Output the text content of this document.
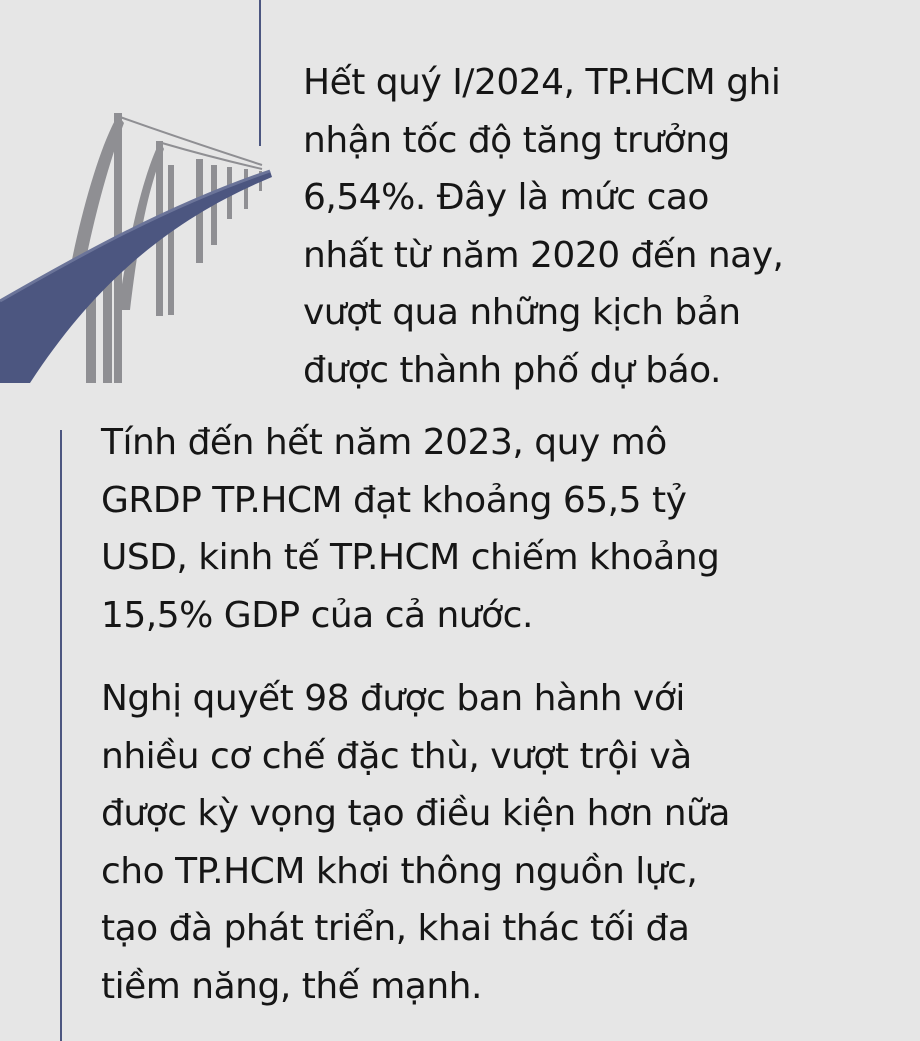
Hết quý I/2024, TP.HCM ghi
nhận tốc độ tăng trưởng
6,54%. Đây là mức cao
nhất từ năm 2020 đến nay,
vượt qua những kịch bản
được thành phố dự báo.

Tính đến hết năm 2023, quy mô
GRDP TP.HCM đạt khoảng 65,5 tỷ
USD, kinh tế TP.HCM chiếm khoảng
15,5% GDP của cả nước.

Nghị quyết 98 được ban hành với
nhiều cơ chế đặc thù, vượt trội và
được kỳ vọng tạo điều kiện hơn nữa
cho TP.HCM khơi thông nguồn lực,
tạo đà phát triển, khai thác tối đa
tiềm năng, thế mạnh.
